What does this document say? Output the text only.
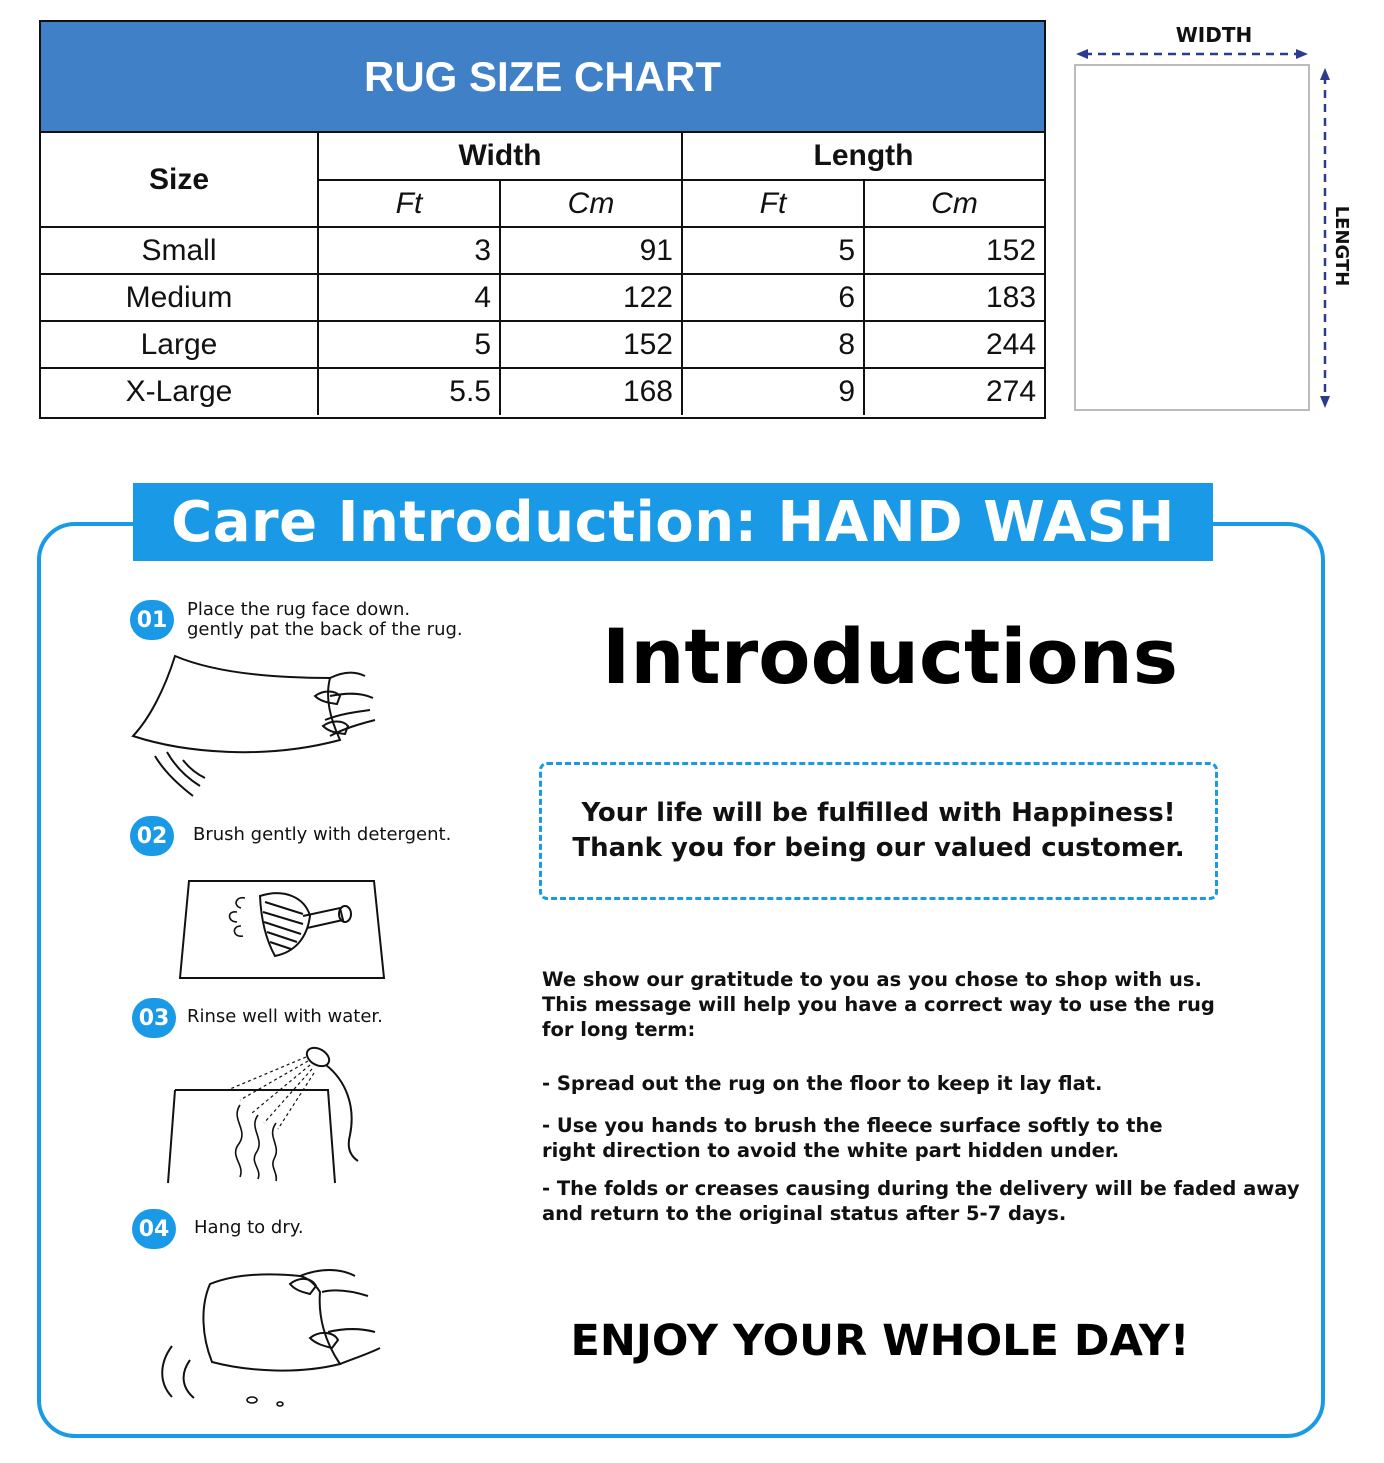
RUG SIZE CHART
Size	Width		Length	
	Ft	Cm	Ft	Cm
Small	3	91	5	152
Medium	4	122	6	183
Large	5	152	8	244
X-Large	5.5	168	9	274
WIDTH
LENGTH
Care Introduction: HAND WASH
01	Place the rug face down.
gently pat the back of the rug.
02	Brush gently with detergent.
03 Rinse well with water.
04	Hang to dry.
Introductions
Your life will be fulfilled with Happiness!
Thank you for being our valued customer.
We show our gratitude to you as you chose to shop with us.
This message will help you have a correct way to use the rug
for long term:
- Spread out the rug on the floor to keep it lay flat.
- Use you hands to brush the fleece surface softly to the
right direction to avoid the white part hidden under.
- The folds or creases causing during the delivery will be faded away
and return to the original status after 5-7 days.
ENJOY YOUR WHOLE DAY!
